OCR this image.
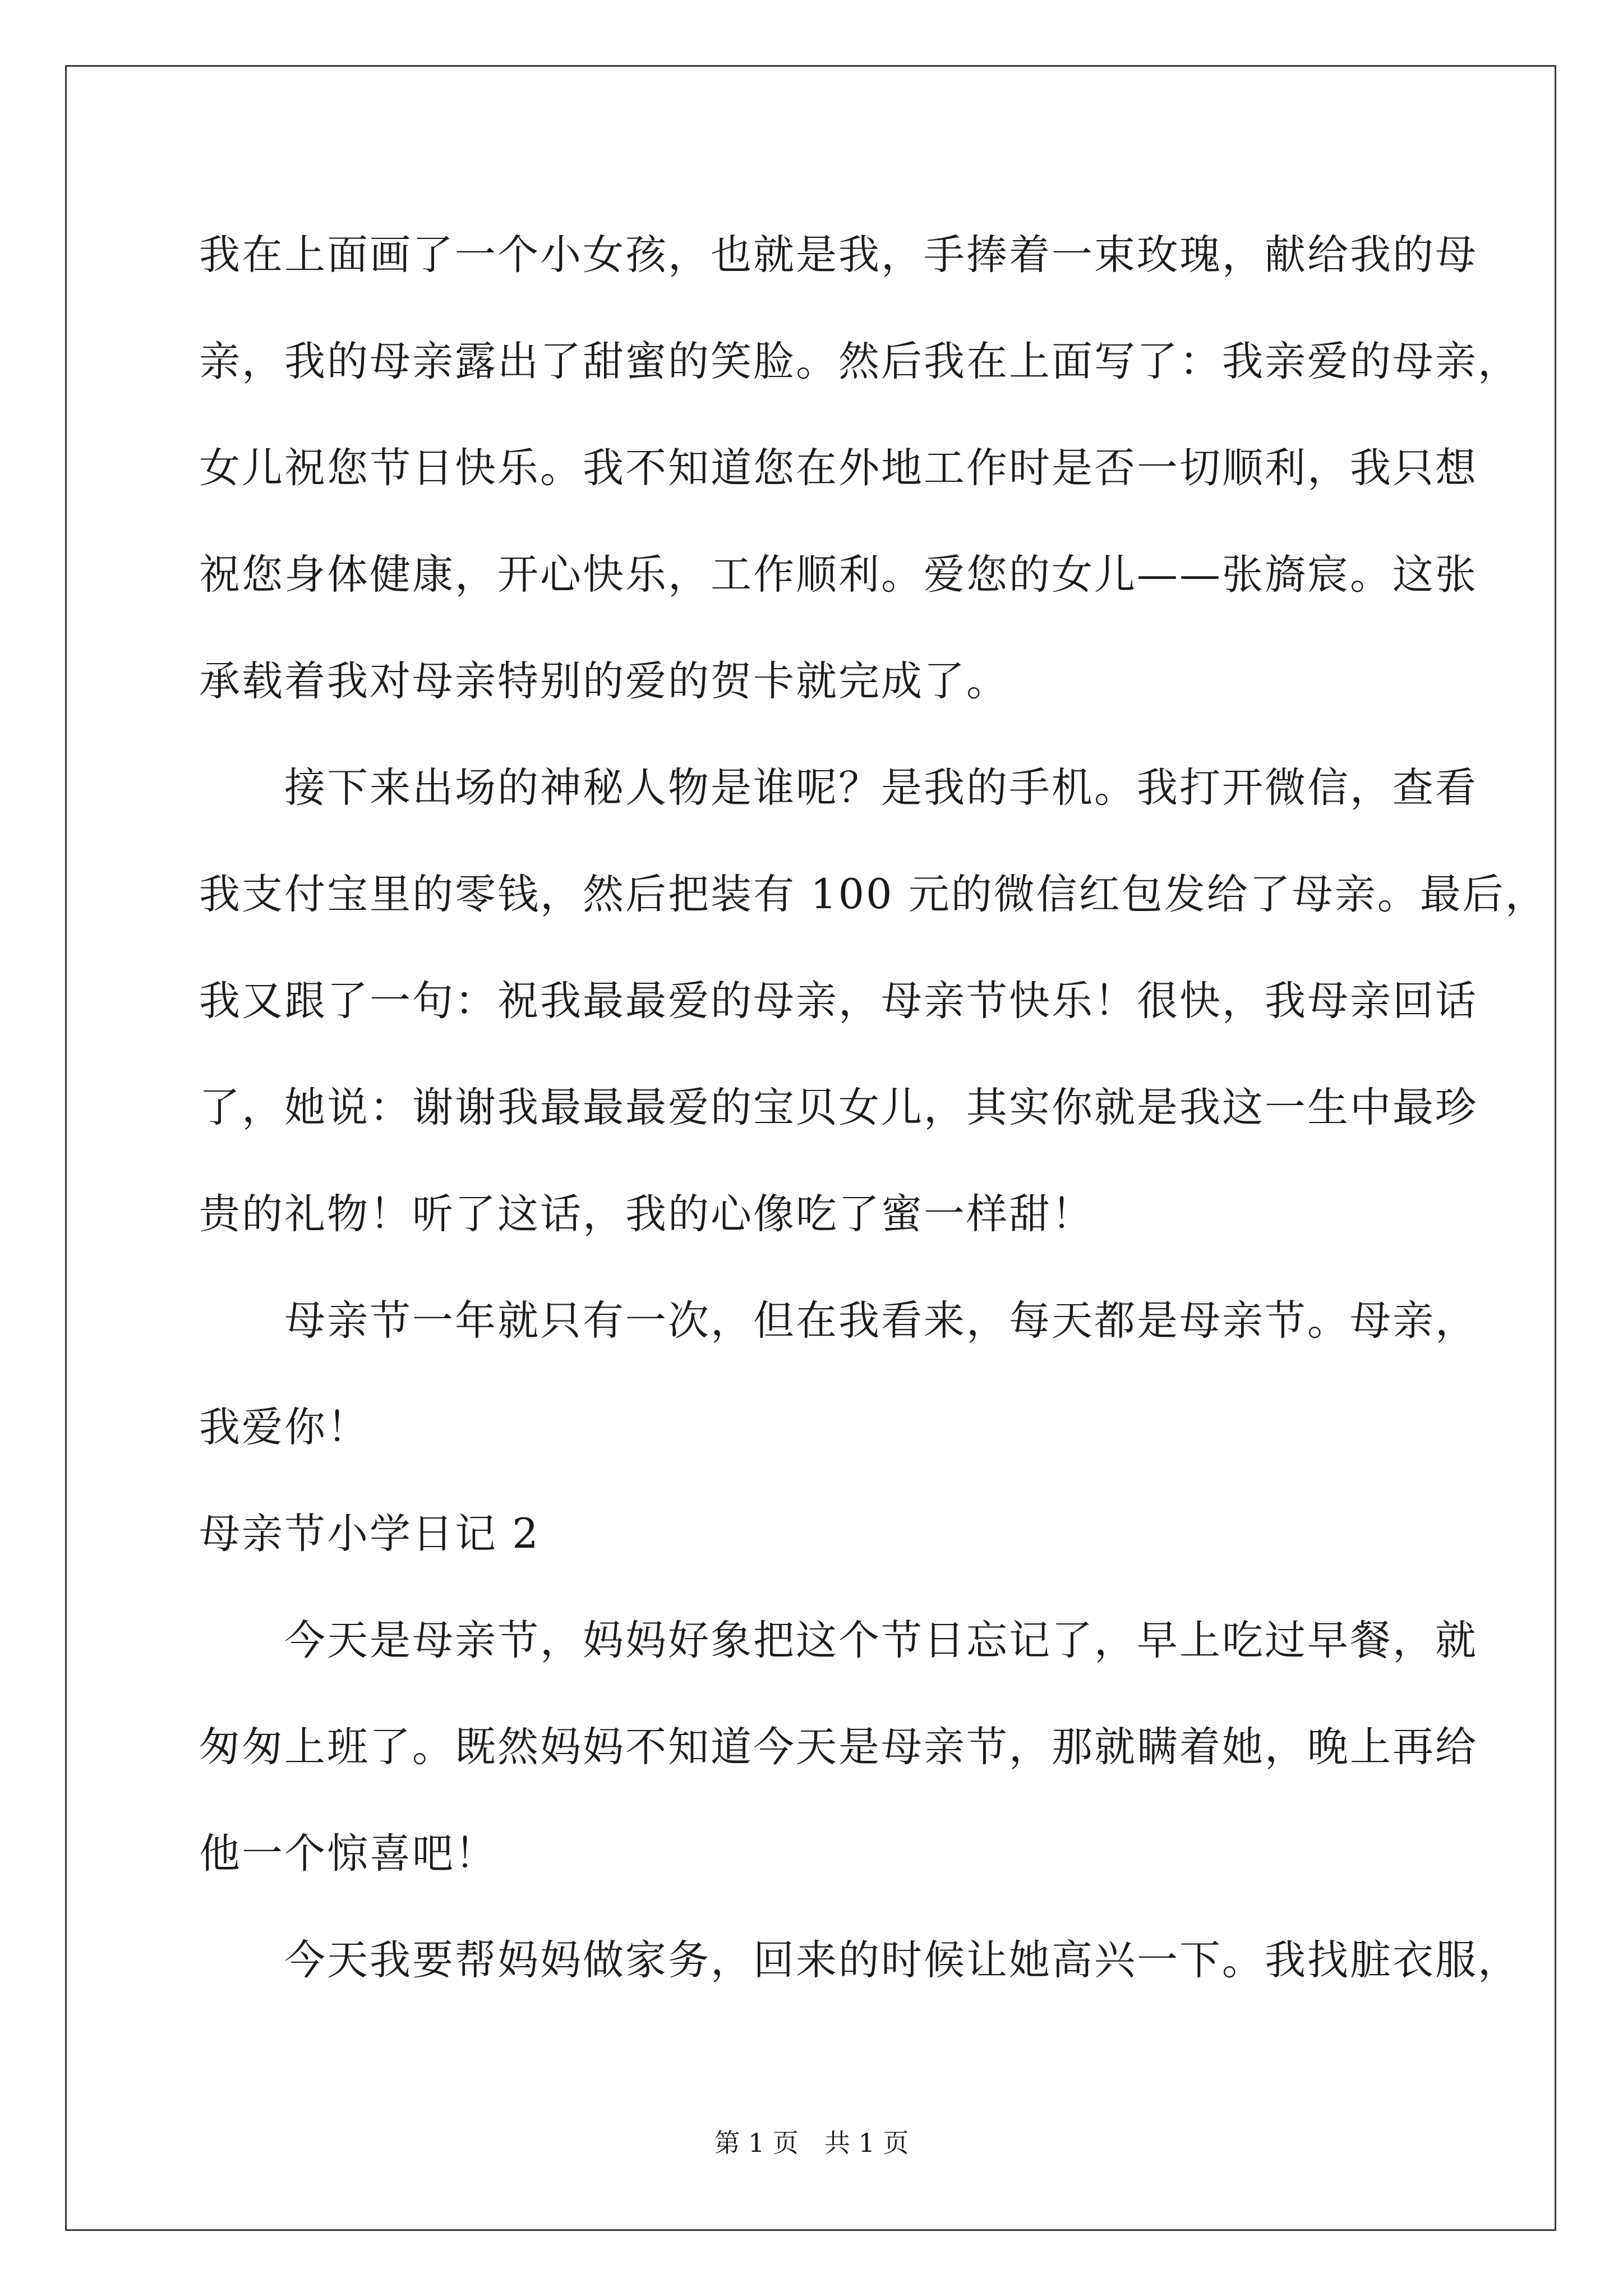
我在上面画了一个小女孩，也就是我，手捧着一束玫瑰，献给我的母
亲，我的母亲露出了甜蜜的笑脸。然后我在上面写了：我亲爱的母亲，
女儿祝您节日快乐。我不知道您在外地工作时是否一切顺利，我只想
祝您身体健康，开心快乐，工作顺利。爱您的女儿——张旖宸。这张
承载着我对母亲特别的爱的贺卡就完成了。
　　接下来出场的神秘人物是谁呢？是我的手机。我打开微信，查看
我支付宝里的零钱，然后把装有 100 元的微信红包发给了母亲。最后，
我又跟了一句：祝我最最爱的母亲，母亲节快乐！很快，我母亲回话
了，她说：谢谢我最最最爱的宝贝女儿，其实你就是我这一生中最珍
贵的礼物！听了这话，我的心像吃了蜜一样甜！
　　母亲节一年就只有一次，但在我看来，每天都是母亲节。母亲，
我爱你！
母亲节小学日记 2
　　今天是母亲节，妈妈好象把这个节日忘记了，早上吃过早餐，就
匆匆上班了。既然妈妈不知道今天是母亲节，那就瞒着她，晚上再给
他一个惊喜吧！
　　今天我要帮妈妈做家务，回来的时候让她高兴一下。我找脏衣服，
第 1 页　共 1 页
